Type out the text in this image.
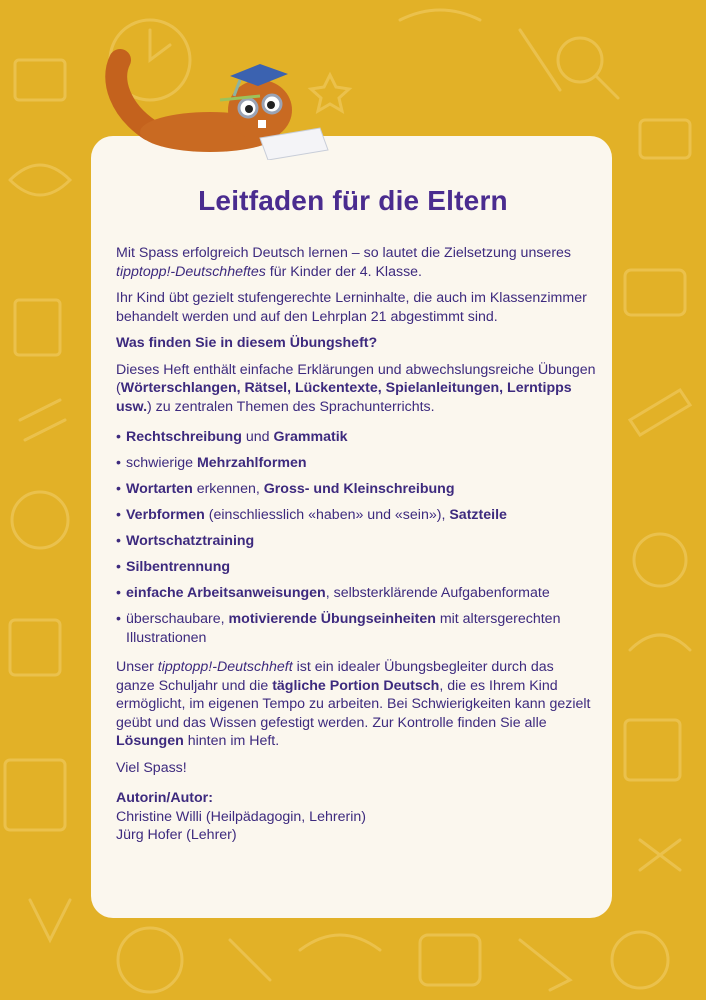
Leitfaden für die Eltern

Mit Spass erfolgreich Deutsch lernen – so lautet die Zielsetzung unseres tipptopp!-Deutschheftes für Kinder der 4. Klasse.

Ihr Kind übt gezielt stufengerechte Lerninhalte, die auch im Klassenzimmer behandelt werden und auf den Lehrplan 21 abgestimmt sind.

Was finden Sie in diesem Übungsheft?

Dieses Heft enthält einfache Erklärungen und abwechslungsreiche Übungen (Wörterschlangen, Rätsel, Lückentexte, Spielanleitungen, Lerntipps usw.) zu zentralen Themen des Sprachunterrichts.

• Rechtschreibung und Grammatik
• schwierige Mehrzahlformen
• Wortarten erkennen, Gross- und Kleinschreibung
• Verbformen (einschliesslich «haben» und «sein»), Satzteile
• Wortschatztraining
• Silbentrennung
• einfache Arbeitsanweisungen, selbsterklärende Aufgabenformate
• überschaubare, motivierende Übungseinheiten mit altersgerechten Illustrationen

Unser tipptopp!-Deutschheft ist ein idealer Übungsbegleiter durch das ganze Schuljahr und die tägliche Portion Deutsch, die es Ihrem Kind ermöglicht, im eigenen Tempo zu arbeiten. Bei Schwierigkeiten kann gezielt geübt und das Wissen gefestigt werden. Zur Kontrolle finden Sie alle Lösungen hinten im Heft.

Viel Spass!

Autorin/Autor:
Christine Willi (Heilpädagogin, Lehrerin)
Jürg Hofer (Lehrer)
